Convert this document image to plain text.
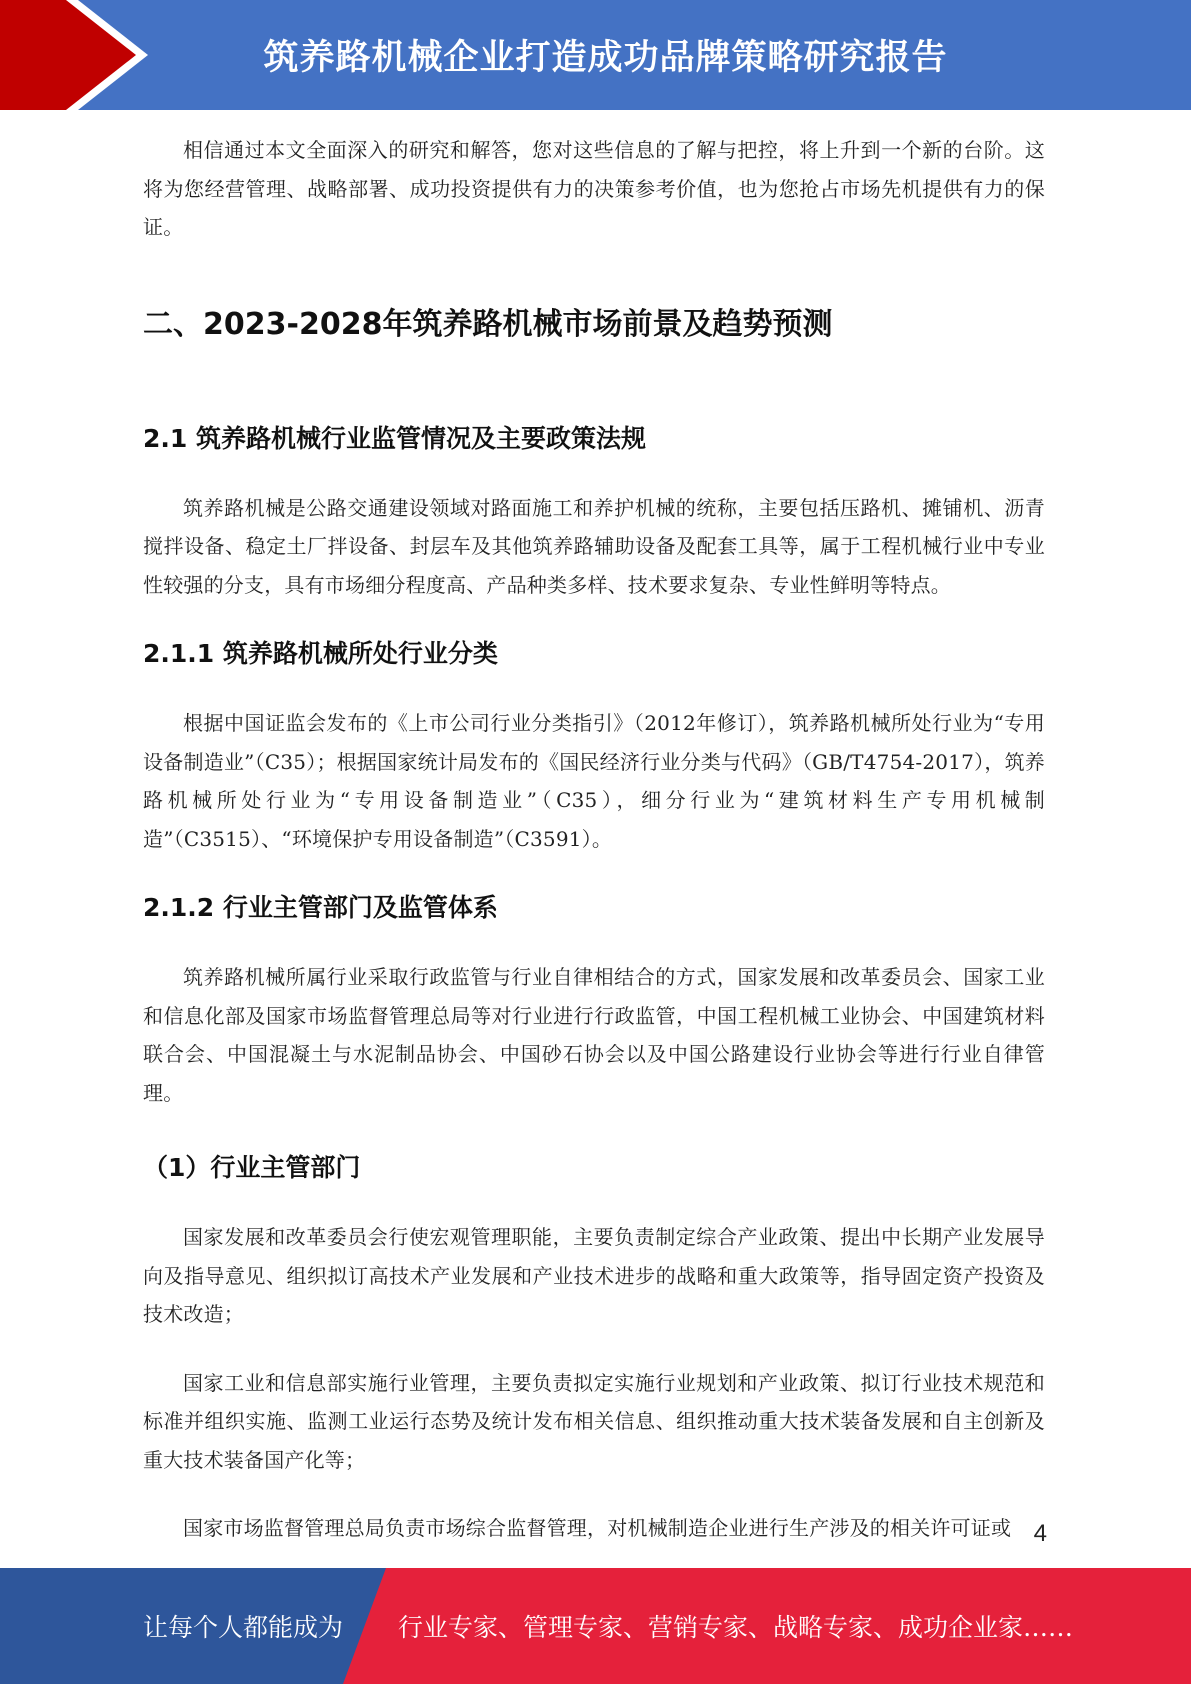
筑养路机械企业打造成功品牌策略研究报告

相信通过本文全面深入的研究和解答，您对这些信息的了解与把控，将上升到一个新的台阶。这将为您经营管理、战略部署、成功投资提供有力的决策参考价值，也为您抢占市场先机提供有力的保证。

二、2023-2028年筑养路机械市场前景及趋势预测
2.1 筑养路机械行业监管情况及主要政策法规

筑养路机械是公路交通建设领域对路面施工和养护机械的统称，主要包括压路机、摊铺机、沥青搅拌设备、稳定土厂拌设备、封层车及其他筑养路辅助设备及配套工具等，属于工程机械行业中专业性较强的分支，具有市场细分程度高、产品种类多样、技术要求复杂、专业性鲜明等特点。

2.1.1 筑养路机械所处行业分类

根据中国证监会发布的《上市公司行业分类指引》（2012年修订），筑养路机械所处行业为“专用设备制造业”（C35）；根据国家统计局发布的《国民经济行业分类与代码》（GB/T4754-2017），筑养路机械所处行业为“专用设备制造业”（C35），细分行业为“建筑材料生产专用机械制造”（C3515）、“环境保护专用设备制造”（C3591）。

2.1.2 行业主管部门及监管体系

筑养路机械所属行业采取行政监管与行业自律相结合的方式，国家发展和改革委员会、国家工业和信息化部及国家市场监督管理总局等对行业进行行政监管，中国工程机械工业协会、中国建筑材料联合会、中国混凝土与水泥制品协会、中国砂石协会以及中国公路建设行业协会等进行行业自律管理。

（1）行业主管部门

国家发展和改革委员会行使宏观管理职能，主要负责制定综合产业政策、提出中长期产业发展导向及指导意见、组织拟订高技术产业发展和产业技术进步的战略和重大政策等，指导固定资产投资及技术改造；

国家工业和信息部实施行业管理，主要负责拟定实施行业规划和产业政策、拟订行业技术规范和标准并组织实施、监测工业运行态势及统计发布相关信息、组织推动重大技术装备发展和自主创新及重大技术装备国产化等；

国家市场监督管理总局负责市场综合监督管理，对机械制造企业进行生产涉及的相关许可证或 4
让每个人都能成为 行业专家、管理专家、营销专家、战略专家、成功企业家……
